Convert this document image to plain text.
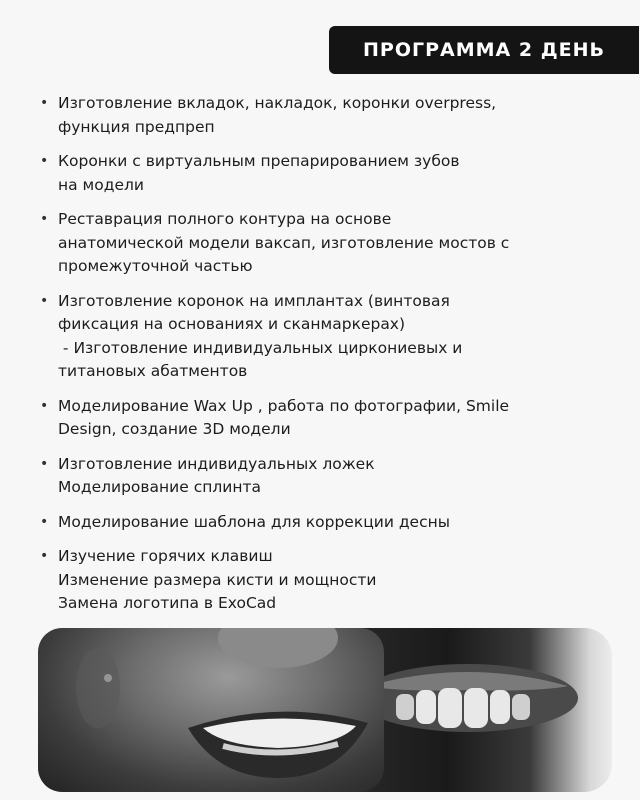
ПРОГРАММА 2 ДЕНЬ
• Изготовление вкладок, накладок, коронки overpress,
функция предпреп
• Коронки с виртуальным препарированием зубов
на модели
• Реставрация полного контура на основе
анатомической модели вакcап, изготовление мостов с
промежуточной частью
• Изготовление коронок на имплантах (винтовая
фиксация на основаниях и сканмаркерах)
- Изготовление индивидуальных циркониевых и
титановых абатментов
• Моделирование Wax Up , работа по фотографии, Smile
Design, создание 3D модели
• Изготовление индивидуальных ложек
Моделирование сплинта
• Моделирование шаблона для коррекции десны
• Изучение горячих клавиш
Изменение размера кисти и мощности
Замена логотипа в ExoCad
